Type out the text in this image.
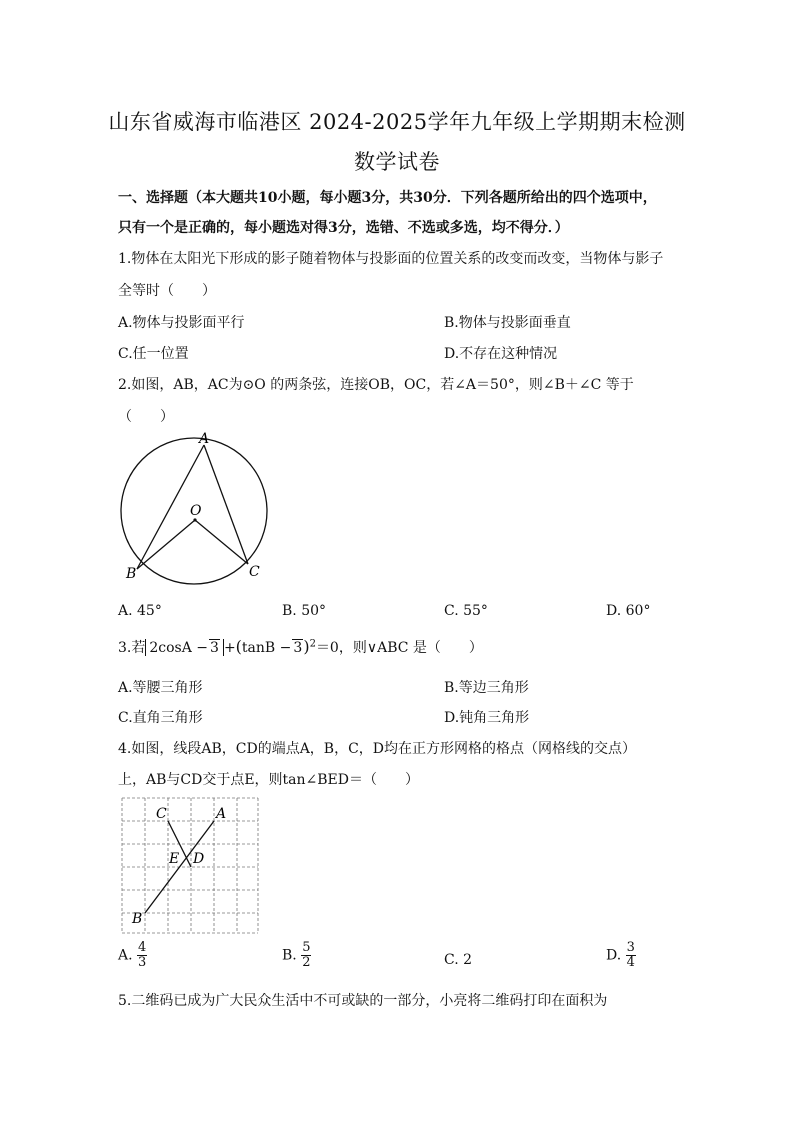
山东省威海市临港区 2024-2025学年九年级上学期期末检测
数学试卷
一、选择题（本大题共10小题，每小题3分，共30分．下列各题所给出的四个选项中，
只有一个是正确的，每小题选对得3分，选错、不选或多选，均不得分．）
1.物体在太阳光下形成的影子随着物体与投影面的位置关系的改变而改变，当物体与影子
全等时（　　）
A.物体与投影面平行	B.物体与投影面垂直
C.任一位置	D.不存在这种情况
2.如图，AB，AC为⊙O 的两条弦，连接OB，OC，若∠A＝50°，则∠B＋∠C 等于
（　　）
A
O
B	C
A. 45°	B. 50°	C. 55°	D. 60°
3.若 $2\cos A - 3 +(\tan B - 3)^2=0$，则∨ABC 是（　　）
A.等腰三角形	B.等边三角形
C.直角三角形	D.钝角三角形
4.如图，线段AB，CD的端点A，B，C，D均在正方形网格的格点（网格线的交点）
上，AB与CD交于点E，则tan∠BED＝（　　）
C	A
E D
B
A. $\frac{4}{3}$	B. $\frac{5}{2}$	C. 2	D. $\frac{3}{4}$
5.二维码已成为广大民众生活中不可或缺的一部分，小亮将二维码打印在面积为
